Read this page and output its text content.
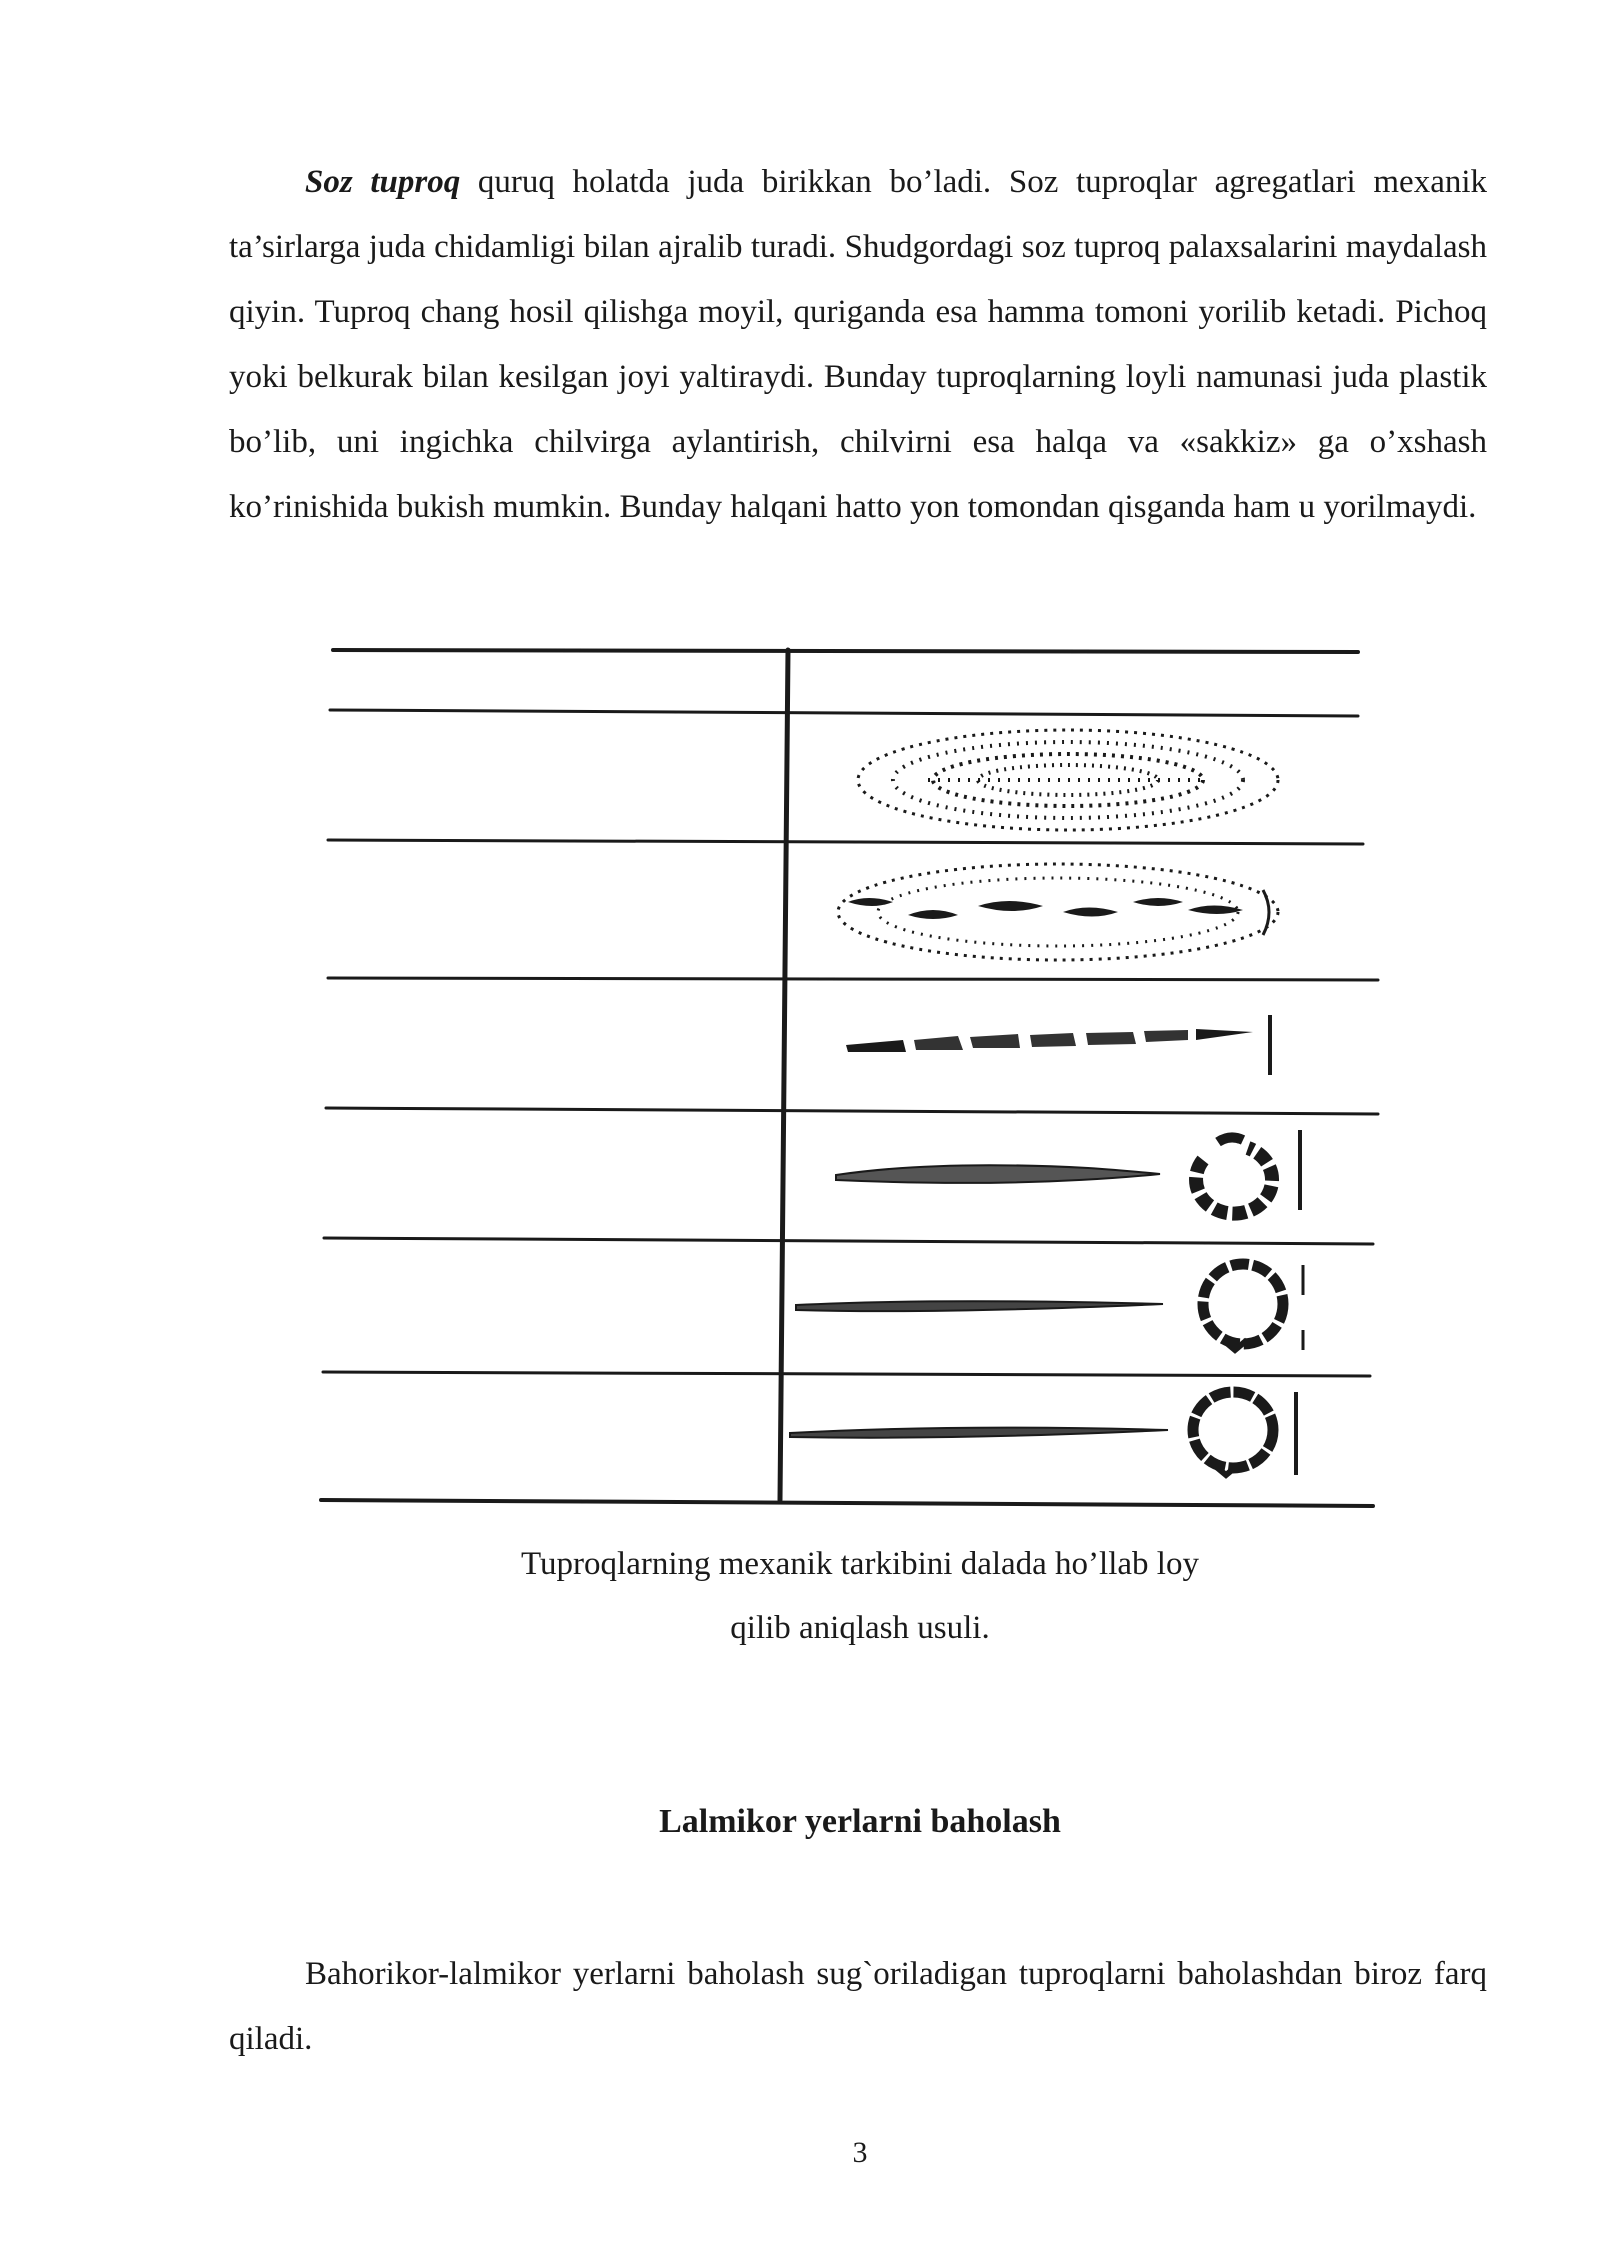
Soz tuproq quruq holatda juda birikkan bo’ladi. Soz tuproqlar agregatlari mexanik ta’sirlarga juda chidamligi bilan ajralib turadi. Shudgordagi soz tuproq palaxsalarini maydalash qiyin. Tuproq chang hosil qilishga moyil, quriganda esa hamma tomoni yorilib ketadi. Pichoq yoki belkurak bilan kesilgan joyi yaltiraydi. Bunday tuproqlarning loyli namunasi juda plastik bo’lib, uni ingichka chilvirga aylantirish, chilvirni esa halqa va «sakkiz» ga o’xshash ko’rinishida bukish mumkin. Bunday halqani hatto yon tomondan qisganda ham u yorilmaydi.

Tuproqlarning mexanik tarkibini dalada ho’llab loy

qilib aniqlash usuli.

Lalmikor yerlarni baholash

Bahorikor-lalmikor yerlarni baholash sug`oriladigan tuproqlarni baholashdan biroz farq qiladi.

3
